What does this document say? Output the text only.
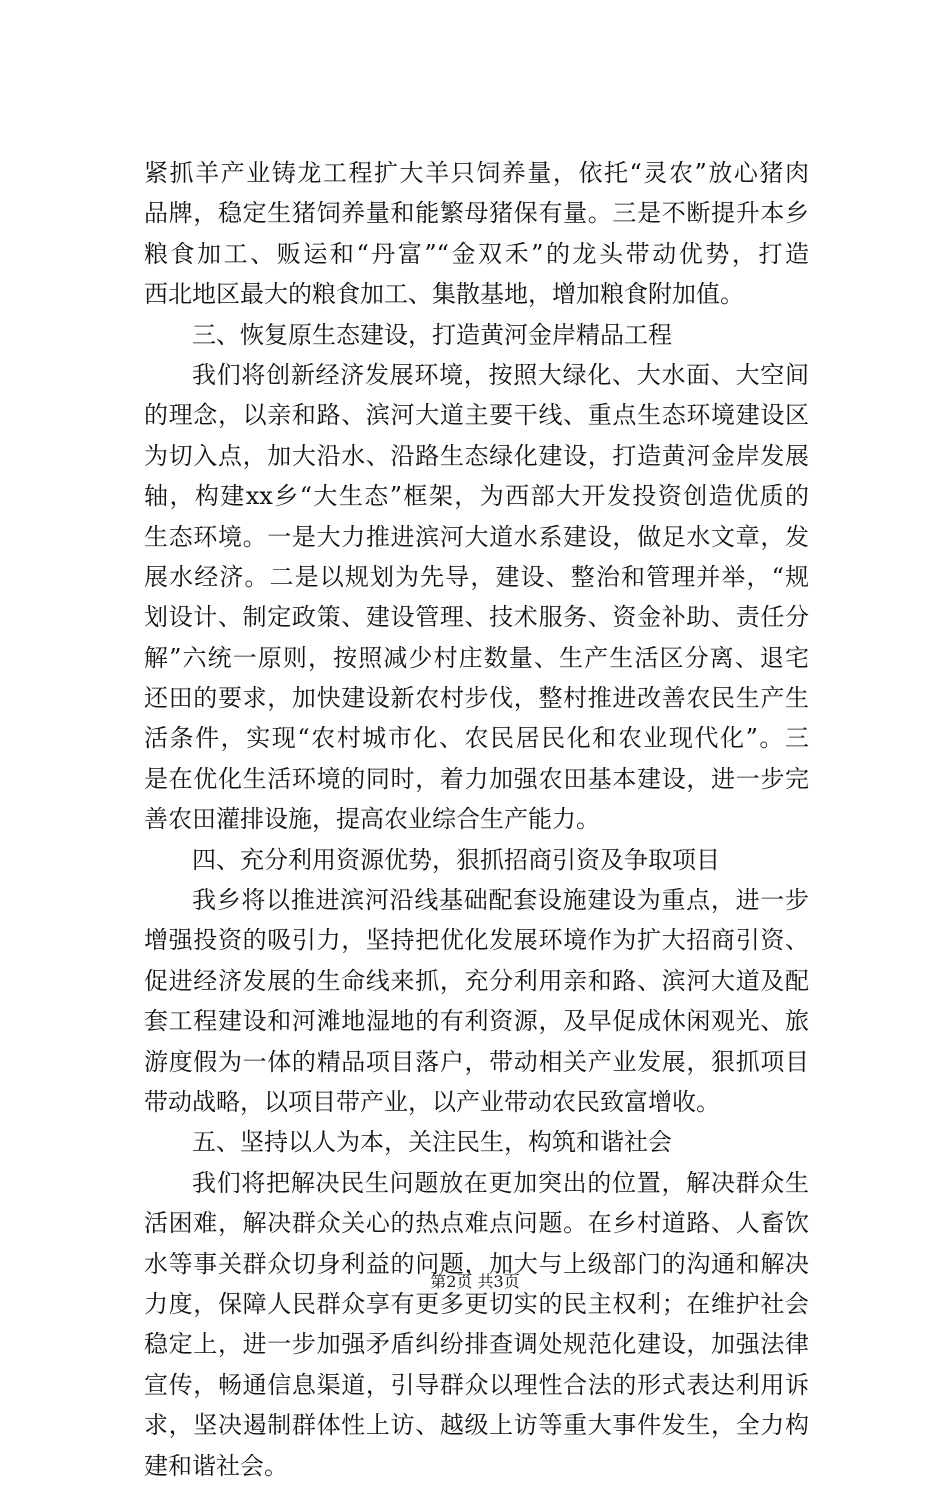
紧抓羊产业铸龙工程扩大羊只饲养量，依托“灵农”放心猪肉
品牌，稳定生猪饲养量和能繁母猪保有量。三是不断提升本乡
粮食加工、贩运和“丹富”“金双禾”的龙头带动优势，打造
西北地区最大的粮食加工、集散基地，增加粮食附加值。
三、恢复原生态建设，打造黄河金岸精品工程
我们将创新经济发展环境，按照大绿化、大水面、大空间
的理念，以亲和路、滨河大道主要干线、重点生态环境建设区
为切入点，加大沿水、沿路生态绿化建设，打造黄河金岸发展
轴，构建xx乡“大生态”框架，为西部大开发投资创造优质的
生态环境。一是大力推进滨河大道水系建设，做足水文章，发
展水经济。二是以规划为先导，建设、整治和管理并举，“规
划设计、制定政策、建设管理、技术服务、资金补助、责任分
解”六统一原则，按照减少村庄数量、生产生活区分离、退宅
还田的要求，加快建设新农村步伐，整村推进改善农民生产生
活条件，实现“农村城市化、农民居民化和农业现代化”。三
是在优化生活环境的同时，着力加强农田基本建设，进一步完
善农田灌排设施，提高农业综合生产能力。
四、充分利用资源优势，狠抓招商引资及争取项目
我乡将以推进滨河沿线基础配套设施建设为重点，进一步
增强投资的吸引力，坚持把优化发展环境作为扩大招商引资、
促进经济发展的生命线来抓，充分利用亲和路、滨河大道及配
套工程建设和河滩地湿地的有利资源，及早促成休闲观光、旅
游度假为一体的精品项目落户，带动相关产业发展，狠抓项目
带动战略，以项目带产业，以产业带动农民致富增收。
五、坚持以人为本，关注民生，构筑和谐社会
我们将把解决民生问题放在更加突出的位置，解决群众生
活困难，解决群众关心的热点难点问题。在乡村道路、人畜饮
水等事关群众切身利益的问题，加大与上级部门的沟通和解决
力度，保障人民群众享有更多更切实的民主权利；在维护社会
稳定上，进一步加强矛盾纠纷排查调处规范化建设，加强法律
宣传，畅通信息渠道，引导群众以理性合法的形式表达利用诉
求，坚决遏制群体性上访、越级上访等重大事件发生，全力构
建和谐社会。
第2页 共3页
